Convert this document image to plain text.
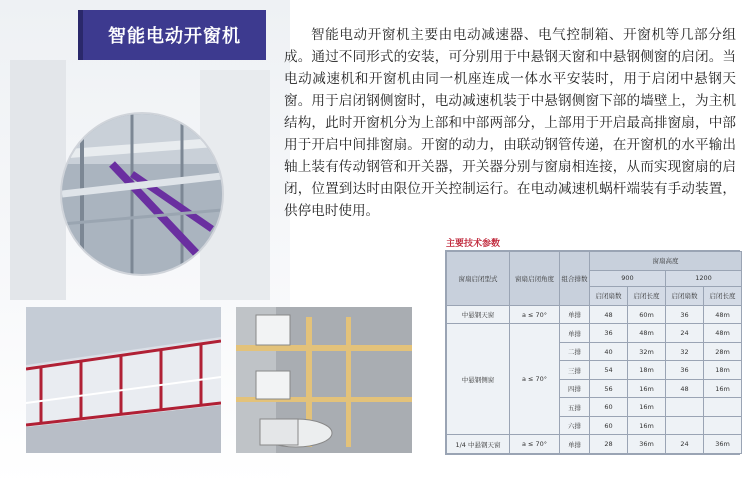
智能电动开窗机	智能电动开窗机主要由电动减速器、电气控制箱、开窗机等几部分组成。通过不同形式的安装，可分别用于中悬钢天窗和中悬钢侧窗的启闭。当电动减速机和开窗机由同一机座连成一体水平安装时，用于启闭中悬钢天窗。用于启闭钢侧窗时，电动减速机装于中悬钢侧窗下部的墙壁上，为主机结构，此时开窗机分为上部和中部两部分，上部用于开启最高排窗扇，中部用于开启中间排窗扇。开窗的动力，由联动钢管传递，在开窗机的水平输出轴上装有传动钢管和开关器，开关器分别与窗扇相连接，从而实现窗扇的启闭，位置到达时由限位开关控制运行。在电动减速机蜗杆端装有手动装置，供停电时使用。

主要技术参数
窗扇启闭型式	窗扇启闭角度	组合排数	窗扇高度			
			900		1200	
			启闭扇数	启闭长度	启闭扇数	启闭长度
中悬钢天窗	a ≤ 70°	单排	48	60m	36	48m
中悬钢侧窗	a ≤ 70°	单排	36	48m	24	48m
		二排	40	32m	32	28m
		三排	54	18m	36	18m
		四排	56	16m	48	16m
		五排	60	16m		
		六排	60	16m		
1/4 中悬钢天窗	a ≤ 70°	单排	28	36m	24	36m
